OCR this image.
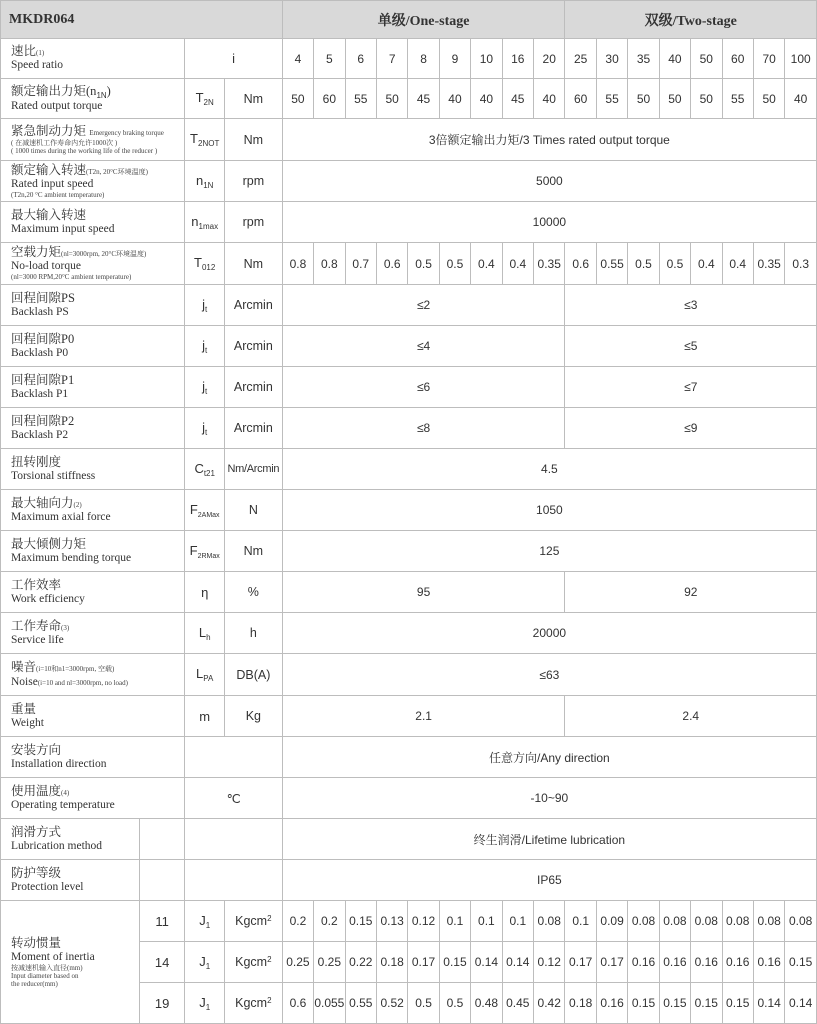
MKDR064				单级/One-stage									双级/Two-stage							
速比(1)
Speed ratio		i		4	5	6	7	8	9	10	16	20	25	30	35	40	50	60	70	100
额定输出力矩$(n_{1N})$
Rated output torque		$T_{2N}$	Nm	50	60	55	50	45	40	40	45	40	60	55	50	50	50	55	50	40
紧急制动力矩 Emergency braking torque
( 在减速机工作寿命内允许1000次 )
( 1000 times during the working life of the reducer )		$T_{2NOT}$	Nm	3倍额定输出力矩/3 Times rated output torque																
额定输入转速(T2n, 20°C环境温度)
Rated input speed
(T2n,20 °C ambient temperature)		$n_{1N}$	rpm	5000																
最大输入转速
Maximum input speed		$n_{1max}$	rpm	10000																
空载力矩(nl=3000rpm, 20°C环境温度)
No-load torque
(nl=3000 RPM,20°C ambient temperature)		$T_{012}$	Nm	0.8	0.8	0.7	0.6	0.5	0.5	0.4	0.4	0.35	0.6	0.55	0.5	0.5	0.4	0.4	0.35	0.3
回程间隙PS
Backlash PS		$j_t$	Arcmin	≤2									≤3							
回程间隙P0
Backlash P0		$j_t$	Arcmin	≤4									≤5							
回程间隙P1
Backlash P1		$j_t$	Arcmin	≤6									≤7							
回程间隙P2
Backlash P2		$j_t$	Arcmin	≤8									≤9							
扭转刚度
Torsional stiffness		$C_{t21}$	Nm/Arcmin	4.5																
最大轴向力(2)
Maximum axial force		$F_{2AMax}$	N	1050																
最大倾侧力矩
Maximum bending torque		$F_{2RMax}$	Nm	125																
工作效率
Work efficiency		η	%	95									92							
工作寿命(3)
Service life		$L_h$	h	20000																
噪音(i=10和n1=3000rpm, 空载)
Noise(i=10 and nl=3000rpm, no load)		$L_{PA}$	DB(A)	≤63																
重量
Weight		m	Kg	2.1									2.4							
安装方向
Installation direction				任意方向/Any direction																
使用温度(4)
Operating temperature		℃		-10~90																
润滑方式
Lubrication method				终生润滑/Lifetime lubrication																
防护等级
Protection level				IP65																
转动惯量
Moment of inertia
按减速机输入直径(mm)
Input diameter based on
the reducer(mm)	11	$J_1$	Kgcm$^2$	0.2	0.2	0.15	0.13	0.12	0.1	0.1	0.1	0.08	0.1	0.09	0.08	0.08	0.08	0.08	0.08	0.08
	14	$J_1$	Kgcm$^2$	0.25	0.25	0.22	0.18	0.17	0.15	0.14	0.14	0.12	0.17	0.17	0.16	0.16	0.16	0.16	0.16	0.15
	19	$J_1$	Kgcm$^2$	0.6	0.055	0.55	0.52	0.5	0.5	0.48	0.45	0.42	0.18	0.16	0.15	0.15	0.15	0.15	0.14	0.14
